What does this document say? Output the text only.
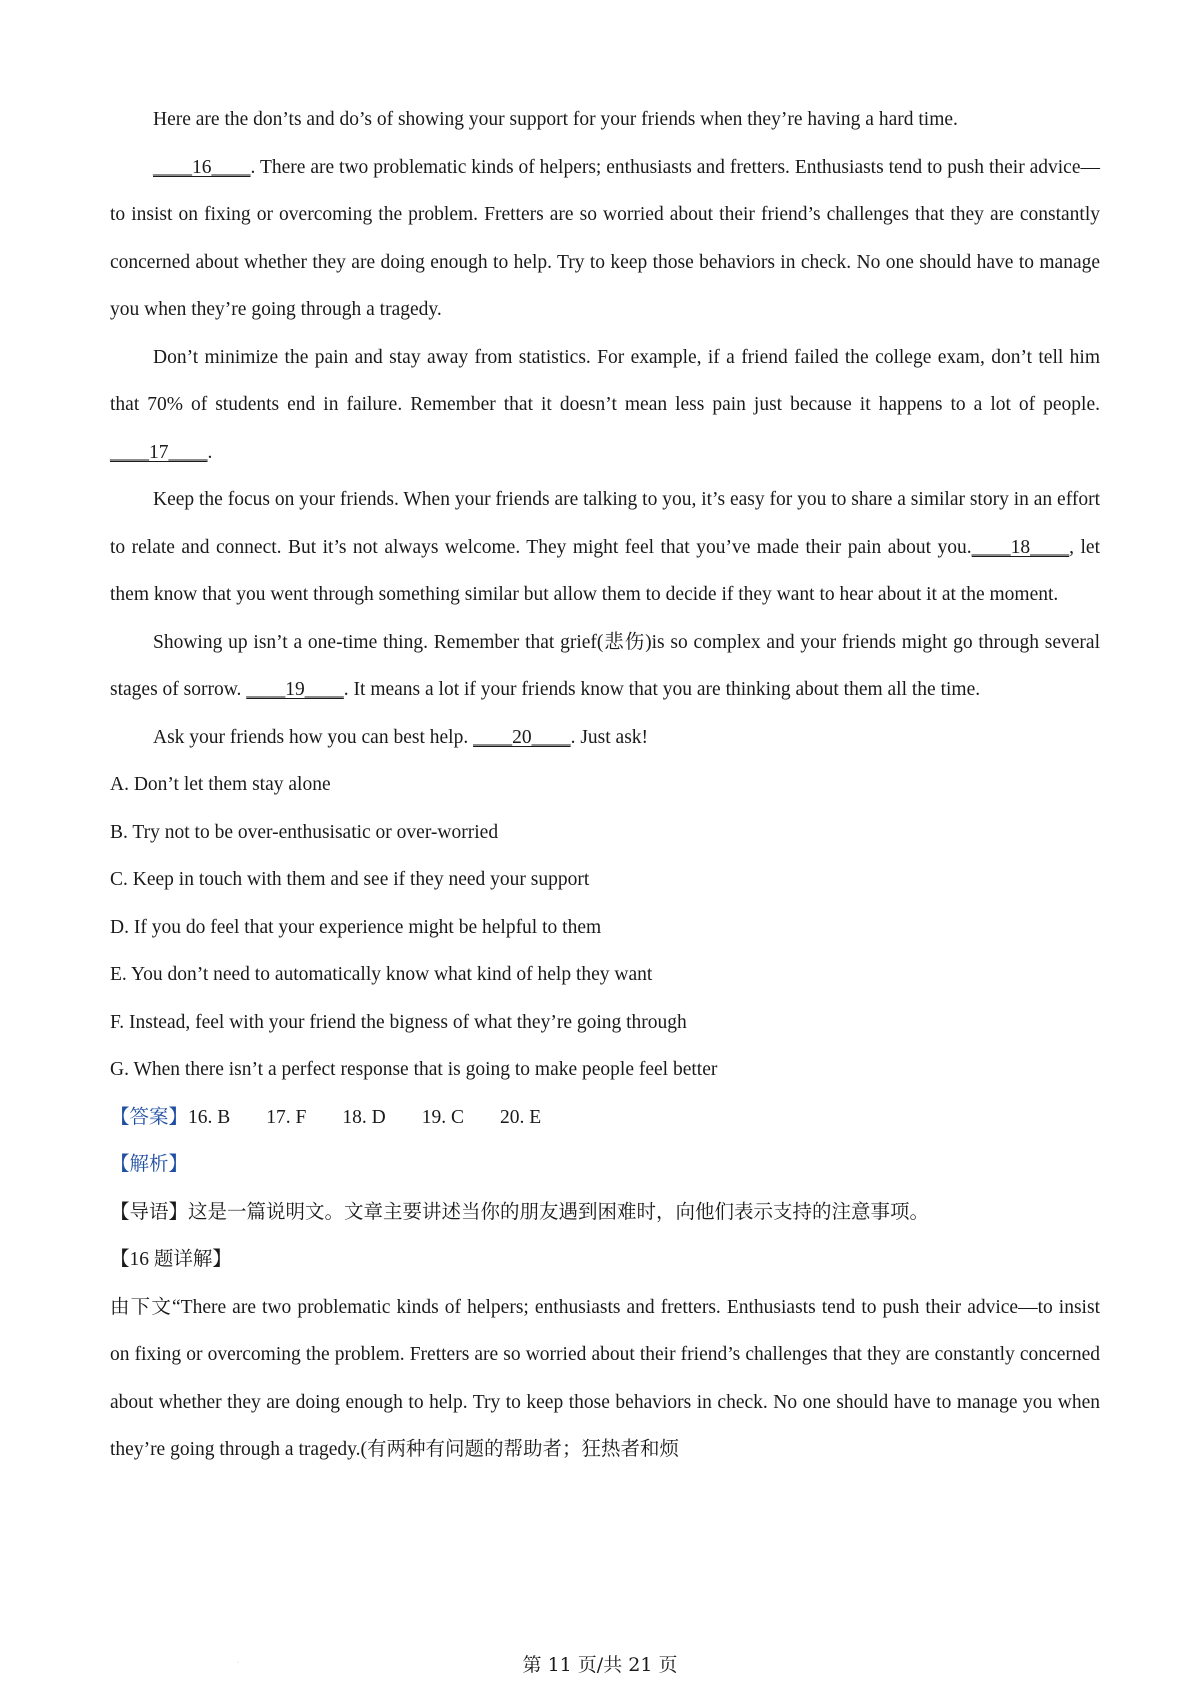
Here are the don’ts and do’s of showing your support for your friends when they’re having a hard time.

____16____. There are two problematic kinds of helpers; enthusiasts and fretters. Enthusiasts tend to push their advice—to insist on fixing or overcoming the problem. Fretters are so worried about their friend’s challenges that they are constantly concerned about whether they are doing enough to help. Try to keep those behaviors in check. No one should have to manage you when they’re going through a tragedy.

Don’t minimize the pain and stay away from statistics. For example, if a friend failed the college exam, don’t tell him that 70% of students end in failure. Remember that it doesn’t mean less pain just because it happens to a lot of people. ____17____.

Keep the focus on your friends. When your friends are talking to you, it’s easy for you to share a similar story in an effort to relate and connect. But it’s not always welcome. They might feel that you’ve made their pain about you.____18____, let them know that you went through something similar but allow them to decide if they want to hear about it at the moment.

Showing up isn’t a one-time thing. Remember that grief(悲伤)is so complex and your friends might go through several stages of sorrow. ____19____. It means a lot if your friends know that you are thinking about them all the time.

Ask your friends how you can best help. ____20____. Just ask!

A. Don’t let them stay alone

B. Try not to be over-enthusisatic or over-worried

C. Keep in touch with them and see if they need your support

D. If you do feel that your experience might be helpful to them

E. You don’t need to automatically know what kind of help they want

F. Instead, feel with your friend the bigness of what they’re going through

G. When there isn’t a perfect response that is going to make people feel better

【答案】16. B 17. F 18. D 19. C 20. E

【解析】

【导语】这是一篇说明文。文章主要讲述当你的朋友遇到困难时，向他们表示支持的注意事项。

【16 题详解】

由下文“There are two problematic kinds of helpers; enthusiasts and fretters. Enthusiasts tend to push their advice—to insist on fixing or overcoming the problem. Fretters are so worried about their friend’s challenges that they are constantly concerned about whether they are doing enough to help. Try to keep those behaviors in check. No one should have to manage you when they’re going through a tragedy.(有两种有问题的帮助者；狂热者和烦

·	第 11 页/共 21 页
